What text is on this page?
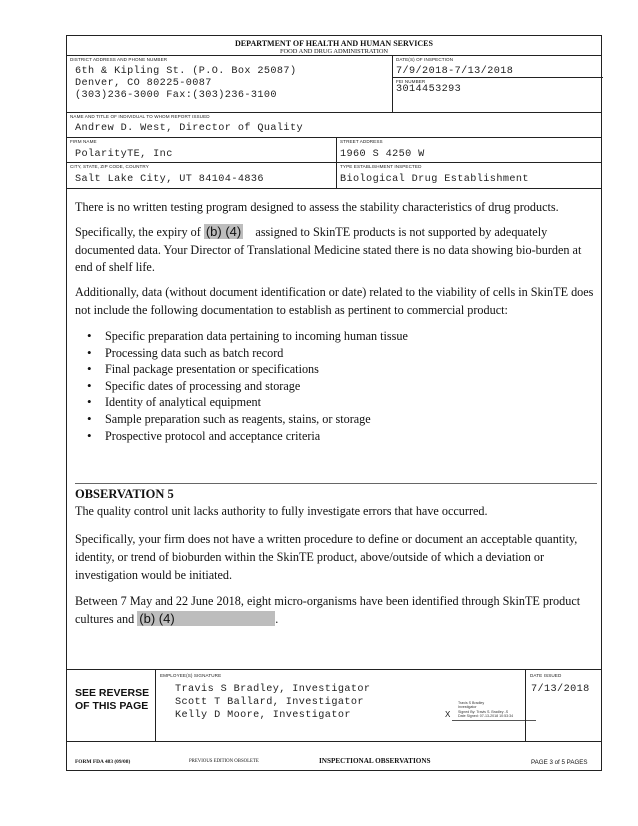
DEPARTMENT OF HEALTH AND HUMAN SERVICES
FOOD AND DRUG ADMINISTRATION
DISTRICT ADDRESS AND PHONE NUMBER
6th & Kipling St. (P.O. Box 25087)
Denver, CO 80225-0087
(303)236-3000 Fax:(303)236-3100
DATE(S) OF INSPECTION
7/9/2018-7/13/2018
FEI NUMBER
3014453293
NAME AND TITLE OF INDIVIDUAL TO WHOM REPORT ISSUED
Andrew D. West, Director of Quality
FIRM NAME
PolarityTE, Inc
STREET ADDRESS
1960 S 4250 W
CITY, STATE, ZIP CODE, COUNTRY
Salt Lake City, UT 84104-4836
TYPE ESTABLISHMENT INSPECTED
Biological Drug Establishment
There is no written testing program designed to assess the stability characteristics of drug products.
Specifically, the expiry of (b) (4) assigned to SkinTE products is not supported by adequately documented data. Your Director of Translational Medicine stated there is no data showing bio-burden at end of shelf life.
Additionally, data (without document identification or date) related to the viability of cells in SkinTE does not include the following documentation to establish as pertinent to commercial product:
• Specific preparation data pertaining to incoming human tissue
• Processing data such as batch record
• Final package presentation or specifications
• Specific dates of processing and storage
• Identity of analytical equipment
• Sample preparation such as reagents, stains, or storage
• Prospective protocol and acceptance criteria
OBSERVATION 5
The quality control unit lacks authority to fully investigate errors that have occurred.
Specifically, your firm does not have a written procedure to define or document an acceptable quantity, identity, or trend of bioburden within the SkinTE product, above/outside of which a deviation or investigation would be initiated.
Between 7 May and 22 June 2018, eight micro-organisms have been identified through SkinTE product cultures and (b) (4)	.
SEE REVERSE
OF THIS PAGE
EMPLOYEE(S) SIGNATURE
Travis S Bradley, Investigator
Scott T Ballard, Investigator
Kelly D Moore, Investigator	X
Travis S Bradley
Investigator
Signed By: Travis S. Bradley -S
Date Signed: 07-13-2018 10:53:34
DATE ISSUED
7/13/2018
FORM FDA 483 (09/08)	PREVIOUS EDITION OBSOLETE	INSPECTIONAL OBSERVATIONS	PAGE 3 of 5 PAGES
